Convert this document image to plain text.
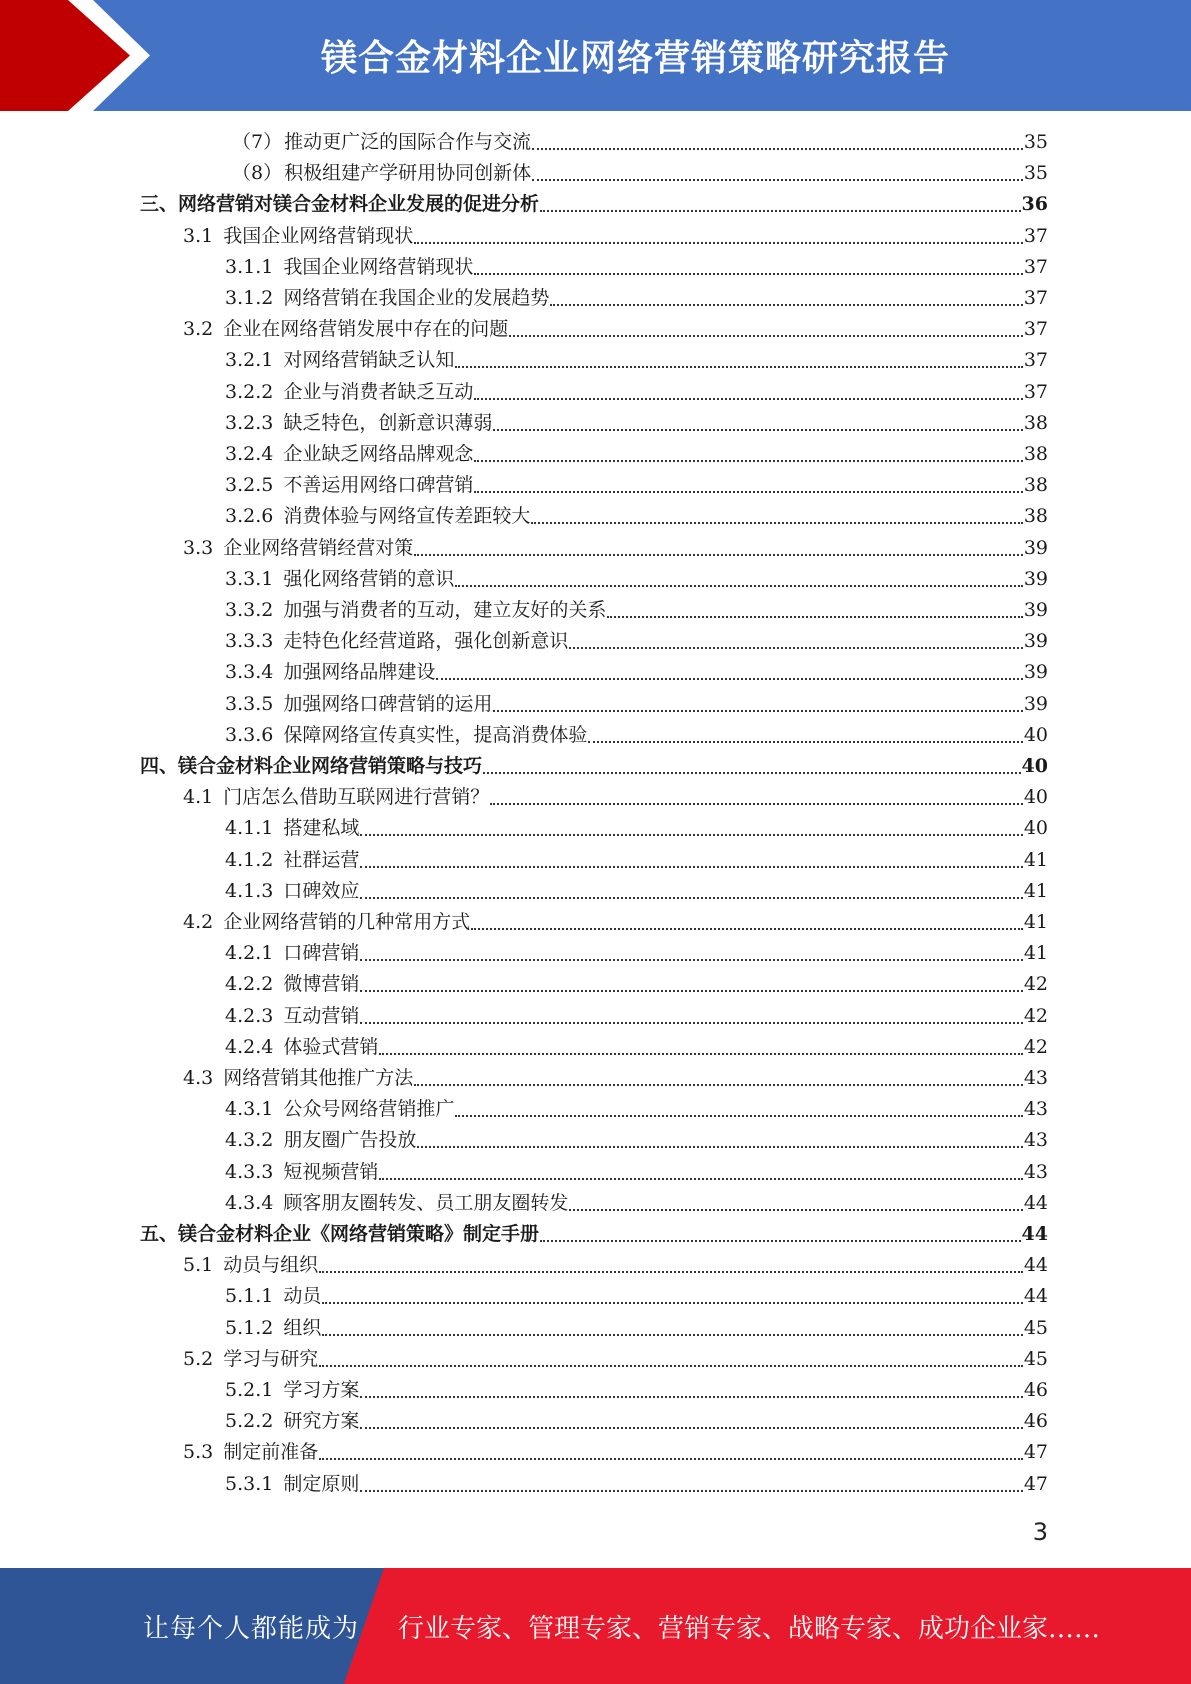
镁合金材料企业网络营销策略研究报告
（7） 推动更广泛的国际合作与交流	35
（8） 积极组建产学研用协同创新体	35
三、 网络营销对镁合金材料企业发展的促进分析	36
3.1 我国企业网络营销现状	37
3.1.1 我国企业网络营销现状	37
3.1.2 网络营销在我国企业的发展趋势	37
3.2 企业在网络营销发展中存在的问题	37
3.2.1 对网络营销缺乏认知	37
3.2.2 企业与消费者缺乏互动	37
3.2.3 缺乏特色，创新意识薄弱	38
3.2.4 企业缺乏网络品牌观念	38
3.2.5 不善运用网络口碑营销	38
3.2.6 消费体验与网络宣传差距较大	38
3.3 企业网络营销经营对策	39
3.3.1 强化网络营销的意识	39
3.3.2 加强与消费者的互动，建立友好的关系	39
3.3.3 走特色化经营道路，强化创新意识	39
3.3.4 加强网络品牌建设	39
3.3.5 加强网络口碑营销的运用	39
3.3.6 保障网络宣传真实性，提高消费体验	40
四、 镁合金材料企业网络营销策略与技巧	40
4.1 门店怎么借助互联网进行营销？	40
4.1.1 搭建私域	40
4.1.2 社群运营	41
4.1.3 口碑效应	41
4.2 企业网络营销的几种常用方式	41
4.2.1 口碑营销	41
4.2.2 微博营销	42
4.2.3 互动营销	42
4.2.4 体验式营销	42
4.3 网络营销其他推广方法	43
4.3.1 公众号网络营销推广	43
4.3.2 朋友圈广告投放	43
4.3.3 短视频营销	43
4.3.4 顾客朋友圈转发、员工朋友圈转发	44
五、 镁合金材料企业《网络营销策略》制定手册	44
5.1 动员与组织	44
5.1.1 动员	44
5.1.2 组织	45
5.2 学习与研究	45
5.2.1 学习方案	46
5.2.2 研究方案	46
5.3 制定前准备	47
5.3.1 制定原则	47
3
让每个人都能成为 行业专家、管理专家、营销专家、战略专家、成功企业家……
